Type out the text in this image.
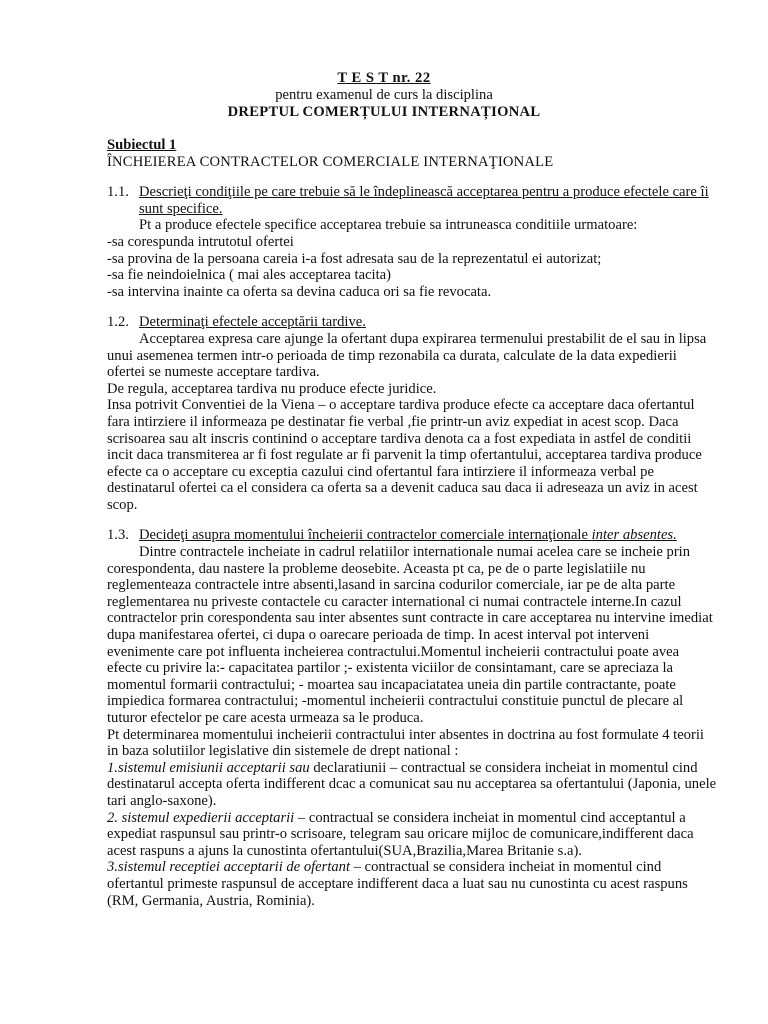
T E S T nr. 22
pentru examenul de curs la disciplina
DREPTUL COMERȚULUI INTERNAȚIONAL
Subiectul 1
ÎNCHEIEREA CONTRACTELOR COMERCIALE INTERNAŢIONALE
1.1. Descrieţi condiţiile pe care trebuie să le îndeplinească acceptarea pentru a produce efectele care îi sunt specifice.

Pt a produce efectele specifice acceptarea trebuie sa intruneasca conditiile urmatoare:

-sa corespunda intrutotul ofertei

-sa provina de la persoana careia i-a fost adresata sau de la reprezentatul ei autorizat;

-sa fie neindoielnica ( mai ales acceptarea tacita)

-sa intervina inainte ca oferta sa devina caduca ori sa fie revocata.

1.2. Determinaţi efectele acceptării tardive.

Acceptarea expresa care ajunge la ofertant dupa expirarea termenului prestabilit de el sau in lipsa unui asemenea termen intr-o perioada de timp rezonabila ca durata, calculate de la data expedierii ofertei se numeste acceptare tardiva.

De regula, acceptarea tardiva nu produce efecte juridice.

Insa potrivit Conventiei de la Viena – o acceptare tardiva produce efecte ca acceptare daca ofertantul fara intirziere il informeaza pe destinatar fie verbal ,fie printr-un aviz expediat in acest scop. Daca scrisoarea sau alt inscris continind o acceptare tardiva denota ca a fost expediata in astfel de conditii incit daca transmiterea ar fi fost regulate ar fi parvenit la timp ofertantului, acceptarea tardiva produce efecte ca o acceptare cu exceptia cazului cind ofertantul fara intirziere il informeaza verbal pe destinatarul ofertei ca el considera ca oferta sa a devenit caduca sau daca ii adreseaza un aviz in acest scop.

1.3. Decideţi asupra momentului încheierii contractelor comerciale internaţionale inter absentes.

Dintre contractele incheiate in cadrul relatiilor internationale numai acelea care se incheie prin corespondenta, dau nastere la probleme deosebite. Aceasta pt ca, pe de o parte legislatiile nu reglementeaza contractele intre absenti,lasand in sarcina codurilor comerciale, iar pe de alta parte reglementarea nu priveste contactele cu caracter international ci numai contractele interne.In cazul contractelor prin corespondenta sau inter absentes sunt contracte in care acceptarea nu intervine imediat dupa manifestarea ofertei, ci dupa o oarecare perioada de timp. In acest interval pot interveni evenimente care pot influenta incheierea contractului.Momentul incheierii contractului poate avea efecte cu privire la:- capacitatea partilor ;- existenta viciilor de consintamant, care se apreciaza la momentul formarii contractului; - moartea sau incapaciatatea uneia din partile contractante, poate impiedica formarea contractului; -momentul incheierii contractului constituie punctul de plecare al tuturor efectelor pe care acesta urmeaza sa le produca.

Pt determinarea momentului incheierii contractului inter absentes in doctrina au fost formulate 4 teorii in baza solutiilor legislative din sistemele de drept national :

1.sistemul emisiunii acceptarii sau declaratiunii – contractual se considera incheiat in momentul cind destinatarul accepta oferta indifferent dcac a comunicat sau nu acceptarea sa ofertantului (Japonia, unele tari anglo-saxone).

2. sistemul expedierii acceptarii – contractual se considera incheiat in momentul cind acceptantul a expediat raspunsul sau printr-o scrisoare, telegram sau oricare mijloc de comunicare,indifferent daca acest raspuns a ajuns la cunostinta ofertantului(SUA,Brazilia,Marea Britanie s.a).

3.sistemul receptiei acceptarii de ofertant – contractual se considera incheiat in momentul cind ofertantul primeste raspunsul de acceptare indifferent daca a luat sau nu cunostinta cu acest raspuns (RM, Germania, Austria, Rominia).
